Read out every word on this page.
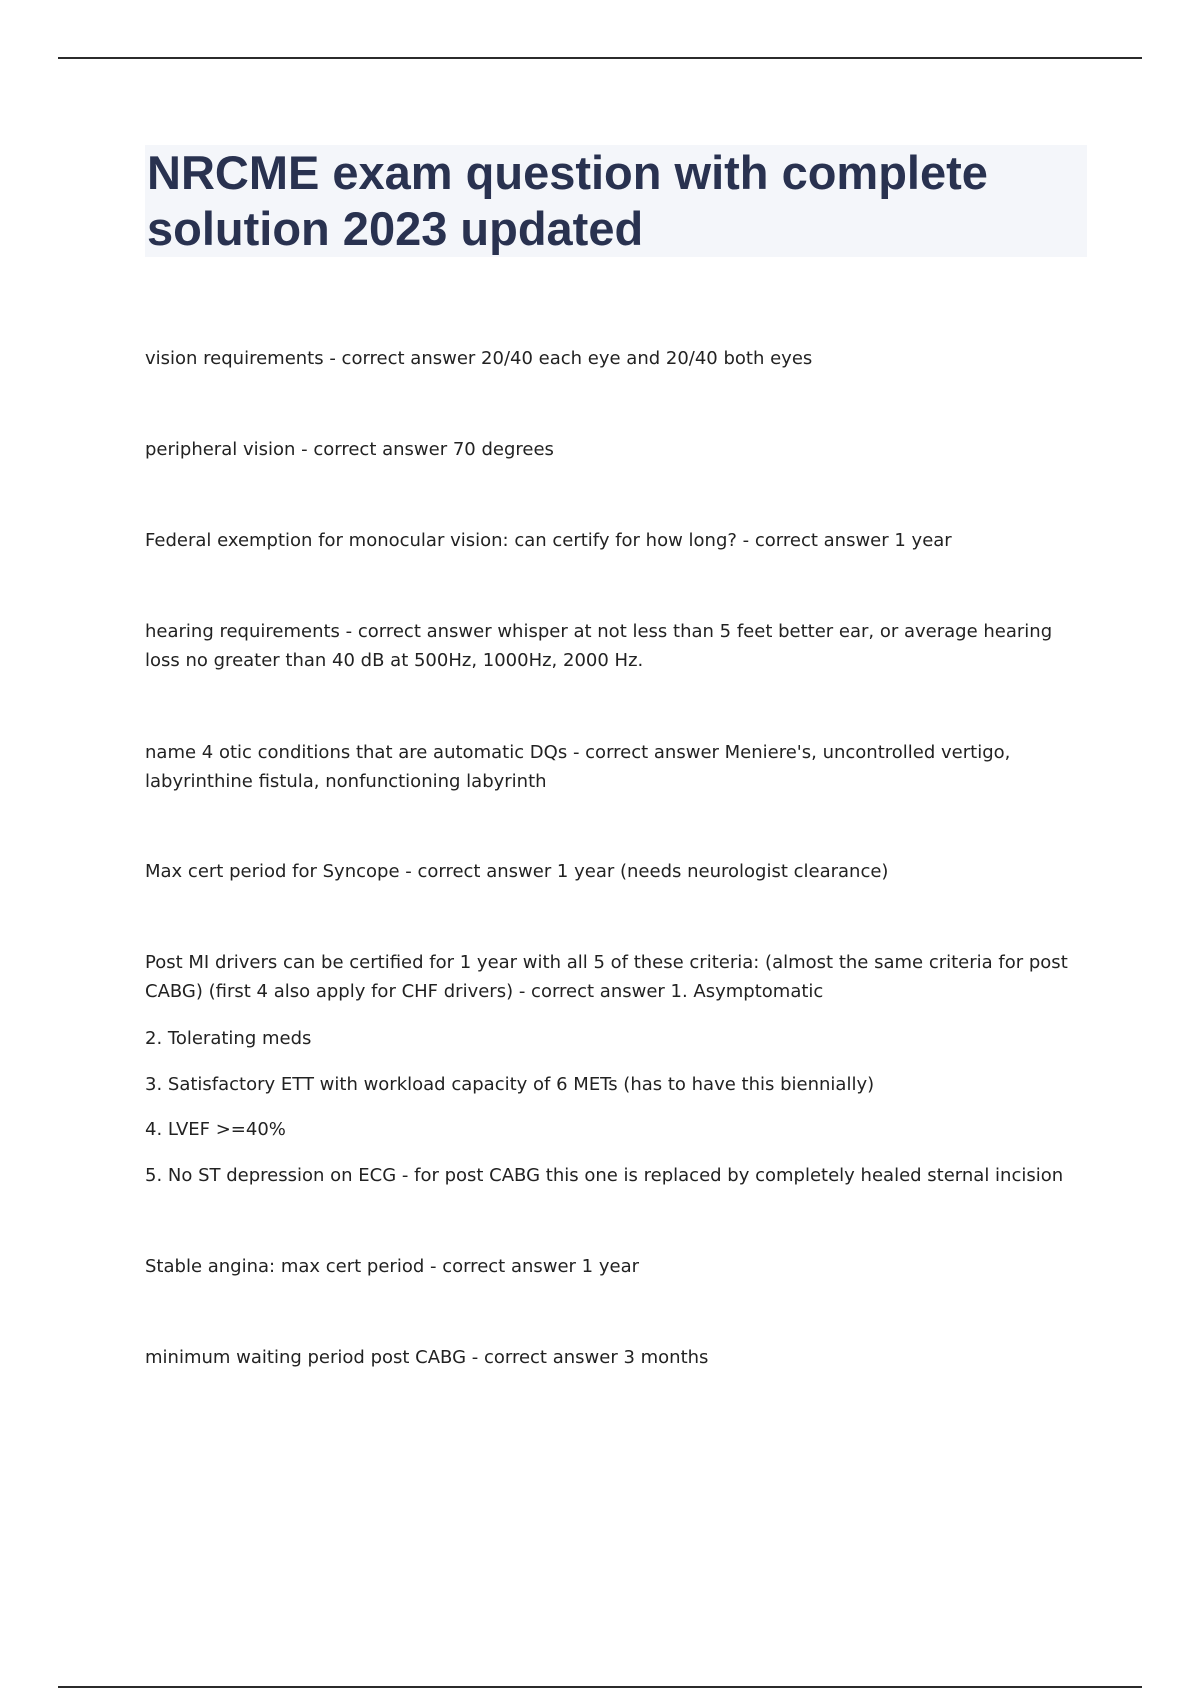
NRCME exam question with complete solution 2023 updated

vision requirements - correct answer 20/40 each eye and 20/40 both eyes

peripheral vision - correct answer 70 degrees

Federal exemption for monocular vision: can certify for how long? - correct answer 1 year

hearing requirements - correct answer whisper at not less than 5 feet better ear, or average hearing loss no greater than 40 dB at 500Hz, 1000Hz, 2000 Hz.

name 4 otic conditions that are automatic DQs - correct answer Meniere's, uncontrolled vertigo, labyrinthine fistula, nonfunctioning labyrinth

Max cert period for Syncope - correct answer 1 year (needs neurologist clearance)

Post MI drivers can be certified for 1 year with all 5 of these criteria: (almost the same criteria for post CABG) (first 4 also apply for CHF drivers) - correct answer 1. Asymptomatic

2. Tolerating meds

3. Satisfactory ETT with workload capacity of 6 METs (has to have this biennially)

4. LVEF >=40%

5. No ST depression on ECG - for post CABG this one is replaced by completely healed sternal incision

Stable angina: max cert period - correct answer 1 year

minimum waiting period post CABG - correct answer 3 months
